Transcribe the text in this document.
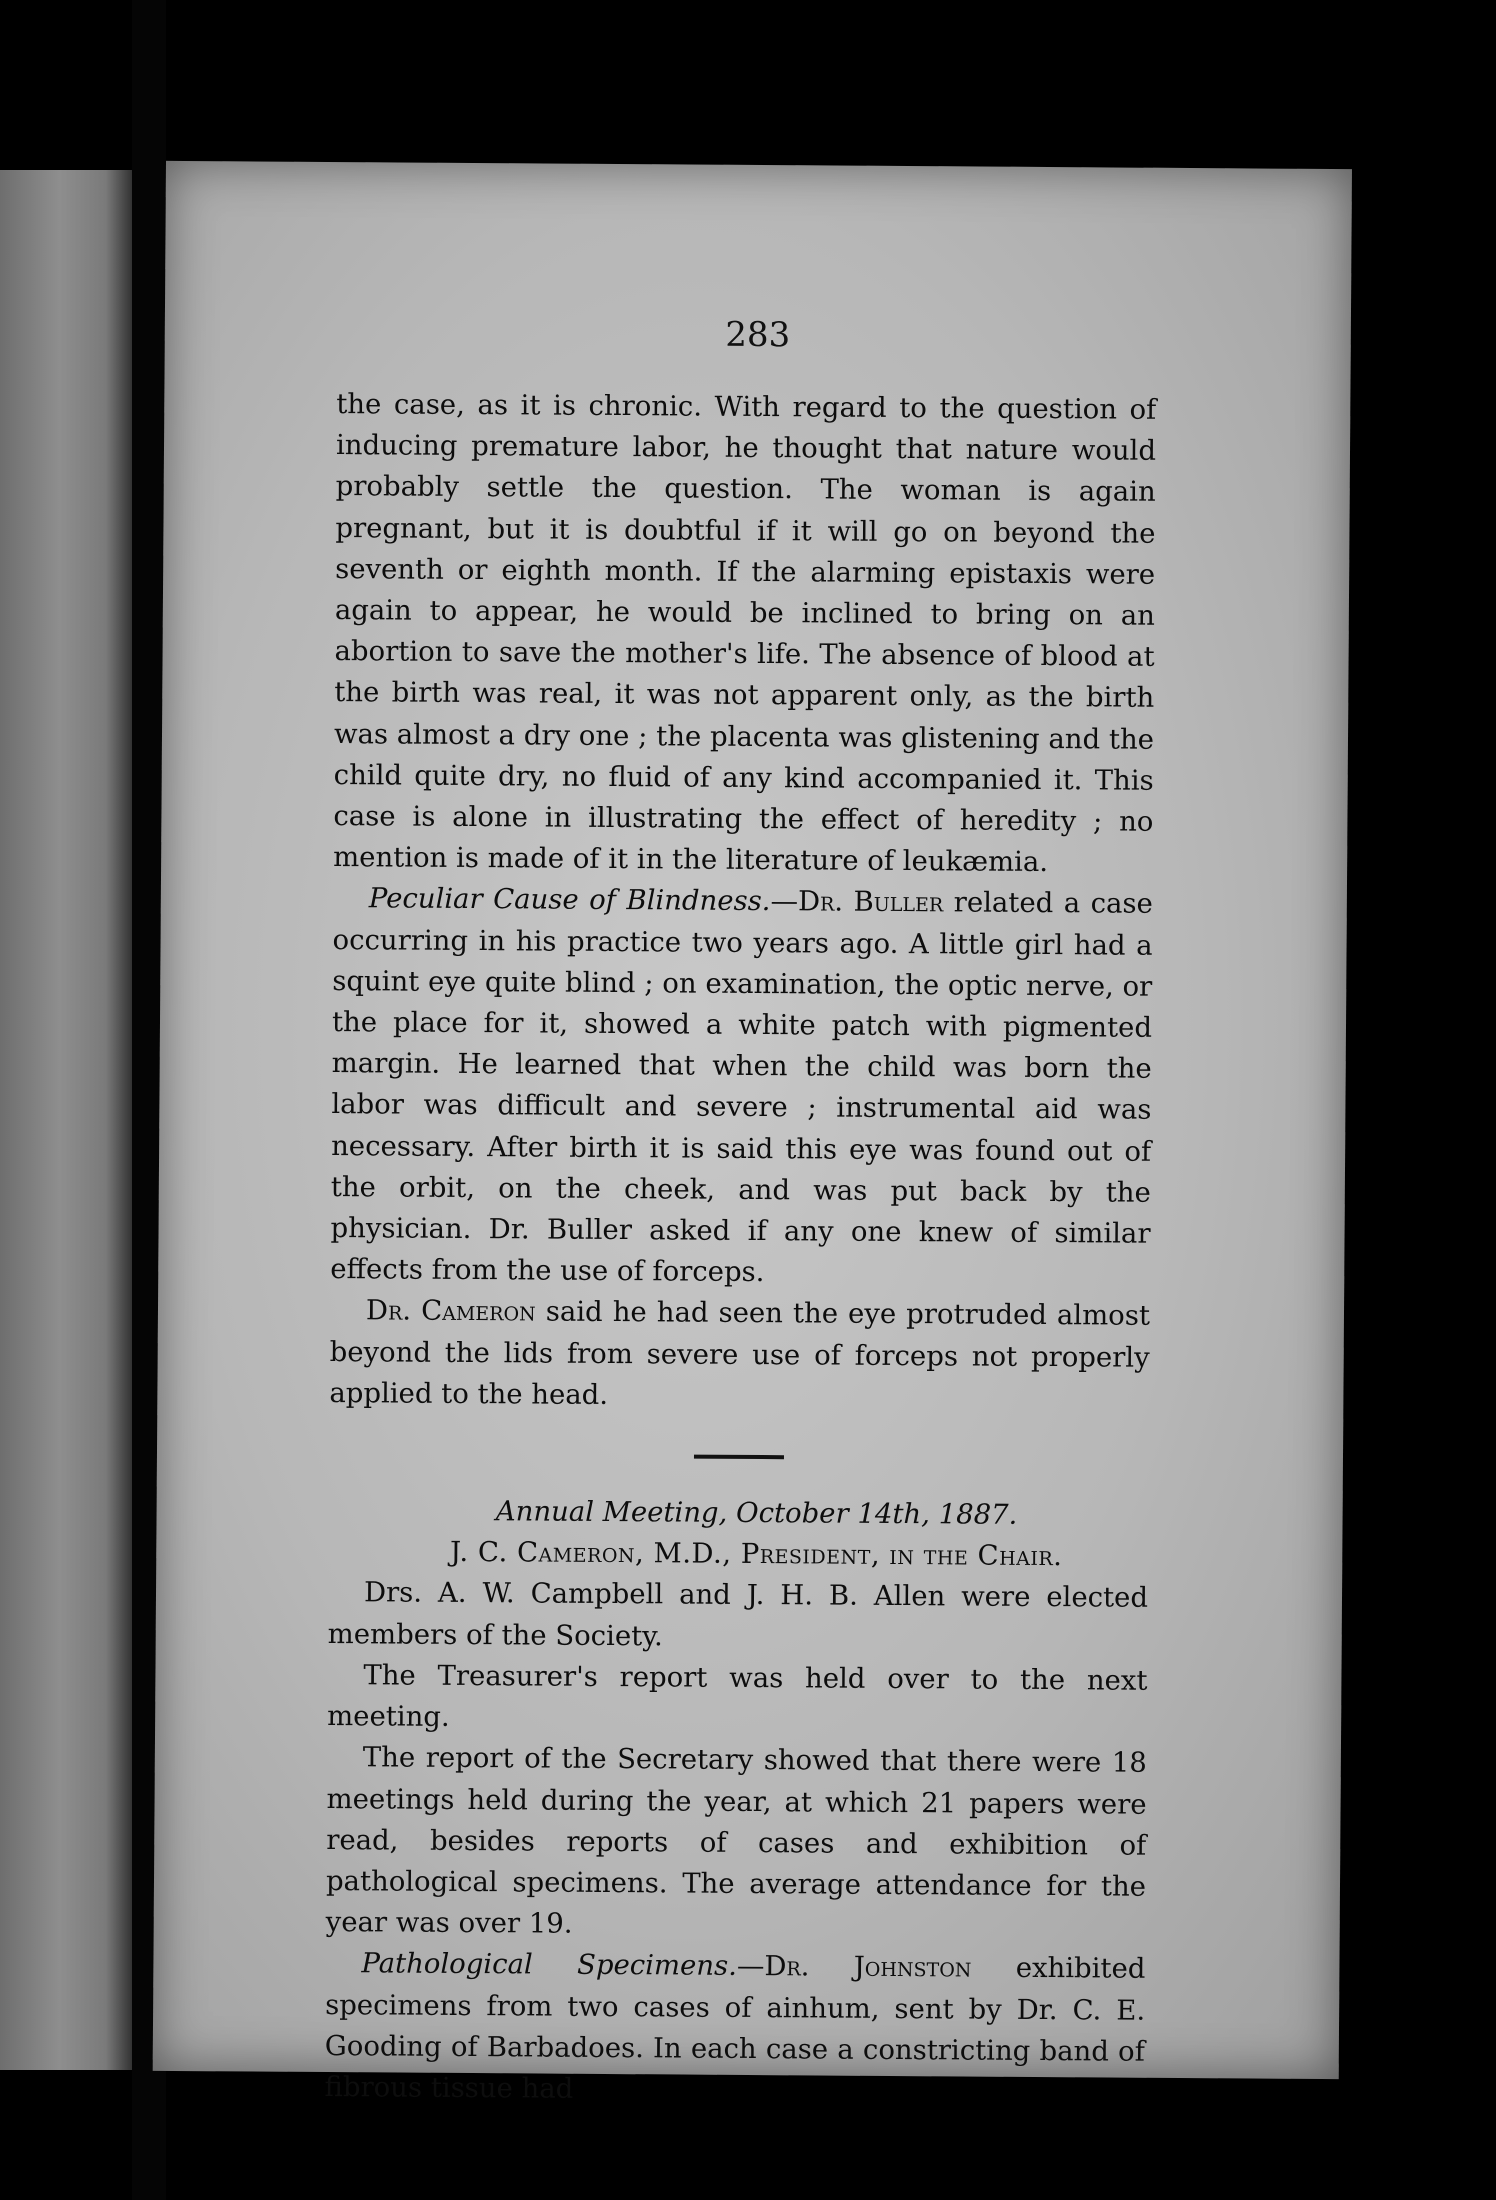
283

the case, as it is chronic. With regard to the question of inducing premature labor, he thought that nature would probably settle the question. The woman is again pregnant, but it is doubtful if it will go on beyond the seventh or eighth month. If the alarming epistaxis were again to appear, he would be inclined to bring on an abortion to save the mother's life. The absence of blood at the birth was real, it was not apparent only, as the birth was almost a dry one ; the placenta was glistening and the child quite dry, no fluid of any kind accompanied it. This case is alone in illustrating the effect of heredity ; no mention is made of it in the literature of leukæmia.

Peculiar Cause of Blindness.—Dr. Buller related a case occurring in his practice two years ago. A little girl had a squint eye quite blind ; on examination, the optic nerve, or the place for it, showed a white patch with pigmented margin. He learned that when the child was born the labor was difficult and severe ; instrumental aid was necessary. After birth it is said this eye was found out of the orbit, on the cheek, and was put back by the physician. Dr. Buller asked if any one knew of similar effects from the use of forceps.

Dr. Cameron said he had seen the eye protruded almost beyond the lids from severe use of forceps not properly applied to the head.

Annual Meeting, October 14th, 1887.

J. C. Cameron, M.D., President, in the Chair.

Drs. A. W. Campbell and J. H. B. Allen were elected members of the Society.

The Treasurer's report was held over to the next meeting.

The report of the Secretary showed that there were 18 meetings held during the year, at which 21 papers were read, besides reports of cases and exhibition of pathological specimens. The average attendance for the year was over 19.

Pathological Specimens.—Dr. Johnston exhibited specimens from two cases of ainhum, sent by Dr. C. E. Gooding of Barbadoes. In each case a constricting band of fibrous tissue had
